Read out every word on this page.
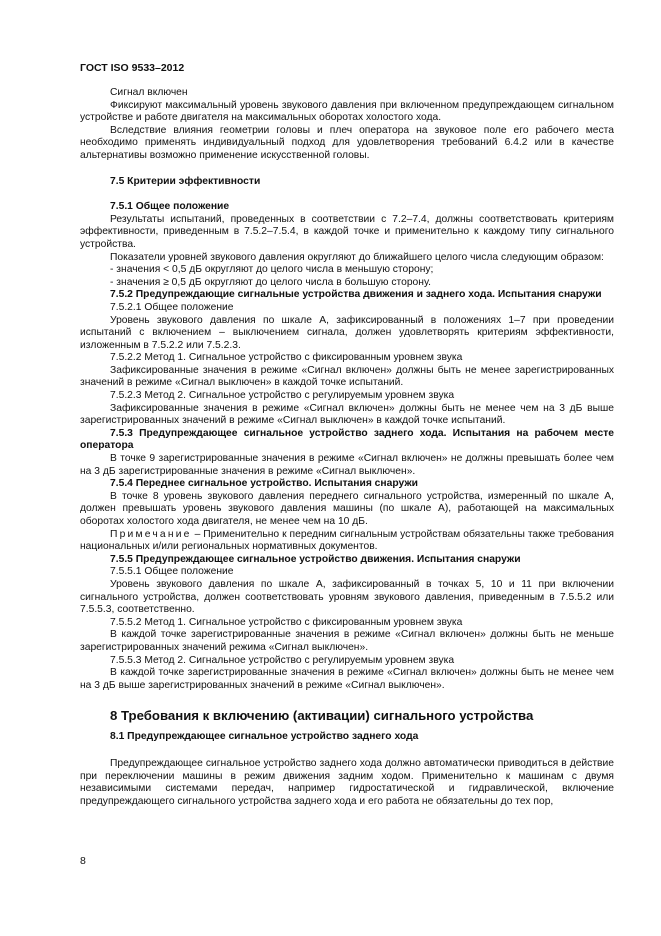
ГОСТ ISO 9533–2012

Сигнал включен

Фиксируют максимальный уровень звукового давления при включенном предупреждающем сигнальном устройстве и работе двигателя на максимальных оборотах холостого хода.

Вследствие влияния геометрии головы и плеч оператора на звуковое поле его рабочего места необходимо применять индивидуальный подход для удовлетворения требований 6.4.2 или в качестве альтернативы возможно применение искусственной головы.

7.5 Критерии эффективности

7.5.1 Общее положение

Результаты испытаний, проведенных в соответствии с 7.2–7.4, должны соответствовать критериям эффективности, приведенным в 7.5.2–7.5.4, в каждой точке и применительно к каждому типу сигнального устройства.

Показатели уровней звукового давления округляют до ближайшего целого числа следующим образом:

- значения < 0,5 дБ округляют до целого числа в меньшую сторону;

- значения ≥ 0,5 дБ округляют до целого числа в большую сторону.

7.5.2 Предупреждающие сигнальные устройства движения и заднего хода. Испытания снаружи

7.5.2.1 Общее положение

Уровень звукового давления по шкале А, зафиксированный в положениях 1–7 при проведении испытаний с включением – выключением сигнала, должен удовлетворять критериям эффективности, изложенным в 7.5.2.2 или 7.5.2.3.

7.5.2.2 Метод 1. Сигнальное устройство с фиксированным уровнем звука

Зафиксированные значения в режиме «Сигнал включен» должны быть не менее зарегистрированных значений в режиме «Сигнал выключен» в каждой точке испытаний.

7.5.2.3 Метод 2. Сигнальное устройство с регулируемым уровнем звука

Зафиксированные значения в режиме «Сигнал включен» должны быть не менее чем на 3 дБ выше зарегистрированных значений в режиме «Сигнал выключен» в каждой точке испытаний.

7.5.3 Предупреждающее сигнальное устройство заднего хода. Испытания на рабочем месте оператора

В точке 9 зарегистрированные значения в режиме «Сигнал включен» не должны превышать более чем на 3 дБ зарегистрированные значения в режиме «Сигнал выключен».

7.5.4 Переднее сигнальное устройство. Испытания снаружи

В точке 8 уровень звукового давления переднего сигнального устройства, измеренный по шкале А, должен превышать уровень звукового давления машины (по шкале А), работающей на максимальных оборотах холостого хода двигателя, не менее чем на 10 дБ.

Примечание – Применительно к передним сигнальным устройствам обязательны также требования национальных и/или региональных нормативных документов.

7.5.5 Предупреждающее сигнальное устройство движения. Испытания снаружи

7.5.5.1 Общее положение

Уровень звукового давления по шкале А, зафиксированный в точках 5, 10 и 11 при включении сигнального устройства, должен соответствовать уровням звукового давления, приведенным в 7.5.5.2 или 7.5.5.3, соответственно.

7.5.5.2 Метод 1. Сигнальное устройство с фиксированным уровнем звука

В каждой точке зарегистрированные значения в режиме «Сигнал включен» должны быть не меньше зарегистрированных значений режима «Сигнал выключен».

7.5.5.3 Метод 2. Сигнальное устройство с регулируемым уровнем звука

В каждой точке зарегистрированные значения в режиме «Сигнал включен» должны быть не менее чем на 3 дБ выше зарегистрированных значений в режиме «Сигнал выключен».

8 Требования к включению (активации) сигнального устройства

8.1 Предупреждающее сигнальное устройство заднего хода

Предупреждающее сигнальное устройство заднего хода должно автоматически приводиться в действие при переключении машины в режим движения задним ходом. Применительно к машинам с двумя независимыми системами передач, например гидростатической и гидравлической, включение предупреждающего сигнального устройства заднего хода и его работа не обязательны до тех пор,

8
